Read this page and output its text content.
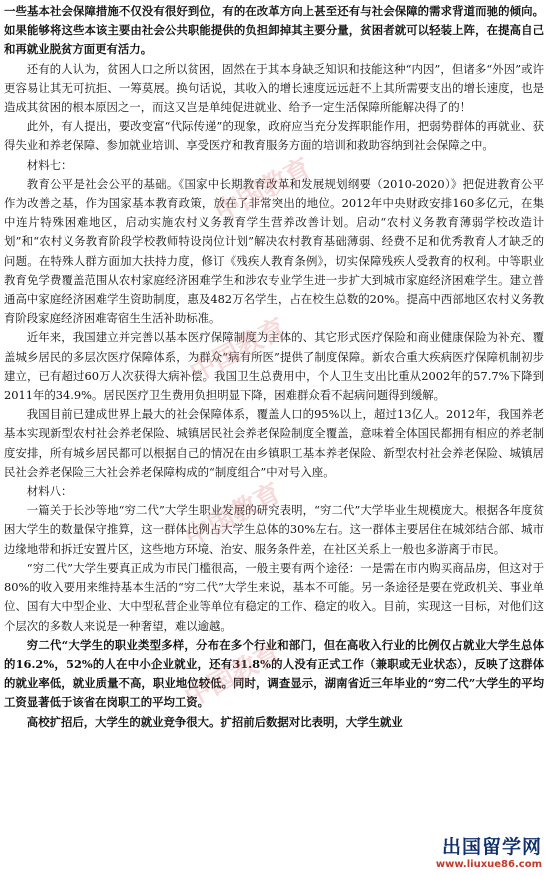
一些基本社会保障措施不仅没有很好到位，有的在改革方向上甚至还有与社会保障的需求背道而驰的倾向。如果能够将这些本该主要由社会公共职能提供的负担卸掉其主要分量，贫困者就可以轻装上阵，在提高自己和再就业脱贫方面更有活力。

还有的人认为，贫困人口之所以贫困，固然在于其本身缺乏知识和技能这种“内因”，但诸多“外因”或许更容易让其无可抗拒、一筹莫展。换句话说，其收入的增长速度远远赶不上其所需要支出的增长速度，也是造成其贫困的根本原因之一，而这又岂是单纯促进就业、给予一定生活保障所能解决得了的！

此外，有人提出，要改变富“代际传递”的现象，政府应当充分发挥职能作用，把弱势群体的再就业、获得失业和养老保障、参加就业培训、享受医疗和教育服务方面的培训和救助容纳到社会保障之中。

材料七：

教育公平是社会公平的基础。《国家中长期教育改革和发展规划纲要（2010-2020）》把促进教育公平作为改善之基，作为国家基本教育政策，放在了非常突出的地位。2012年中央财政安排160多亿元，在集中连片特殊困难地区，启动实施农村义务教育学生营养改善计划。启动“农村义务教育薄弱学校改造计划”和“农村义务教育阶段学校教师特设岗位计划”解决农村教育基础薄弱、经费不足和优秀教育人才缺乏的问题。在特殊人群方面加大扶持力度，修订《残疾人教育条例》，切实保障残疾人受教育的权利。中等职业教育免学费覆盖范围从农村家庭经济困难学生和涉农专业学生进一步扩大到城市家庭经济困难学生。建立普通高中家庭经济困难学生资助制度，惠及482万名学生，占在校生总数的20%。提高中西部地区农村义务教育阶段家庭经济困难寄宿生生活补助标准。

近年来，我国建立并完善以基本医疗保障制度为主体的、其它形式医疗保险和商业健康保险为补充、覆盖城乡居民的多层次医疗保障体系，为群众“病有所医”提供了制度保障。新农合重大疾病医疗保障机制初步建立，已有超过60万人次获得大病补偿。我国卫生总费用中，个人卫生支出比重从2002年的57.7%下降到2011年的34.9%。居民医疗卫生费用负担明显下降，困难群众看不起病问题得到缓解。

我国目前已建成世界上最大的社会保障体系，覆盖人口的95%以上，超过13亿人。2012年，我国养老基本实现新型农村社会养老保险、城镇居民社会养老保险制度全覆盖，意味着全体国民都拥有相应的养老制度安排，所有城乡居民都可以根据自己的情况在由乡镇职工基本养老保险、新型农村社会养老保险、城镇居民社会养老保险三大社会养老保障构成的“制度组合”中对号入座。

材料八：

一篇关于长沙等地“穷二代”大学生职业发展的研究表明，“穷二代”大学毕业生规模庞大。根据各年度贫困大学生的数量保守推算，这一群体比例占大学生总体的30%左右。这一群体主要居住在城郊结合部、城市边缘地带和拆迁安置片区，这些地方环境、治安、服务条件差，在社区关系上一般也多游离于市民。

“穷二代”大学生要真正成为市民门槛很高，一般主要有两个途径：一是需在市内购买商品房，但这对于80%的收入要用来维持基本生活的“穷二代”大学生来说，基本不可能。另一条途径是要在党政机关、事业单位、国有大中型企业、大中型私营企业等单位有稳定的工作、稳定的收入。目前，实现这一目标，对他们这个层次的多数人来说是一种奢望，难以逾越。

穷二代“大学生的职业类型多样，分布在多个行业和部门，但在高收入行业的比例仅占就业大学生总体的16.2%，52%的人在中小企业就业，还有31.8%的人没有正式工作（兼职或无业状态），反映了这群体的就业率低，就业质量不高，职业地位较低。同时，调查显示，湖南省近三年毕业的“穷二代”大学生的平均工资显著低于该省在岗职工的平均工资。

高校扩招后，大学生的就业竞争很大。扩招前后数据对比表明，大学生就业

中国教育
中国教育
中国教育
中国教育
出国留学网
www.liuxue86.com
